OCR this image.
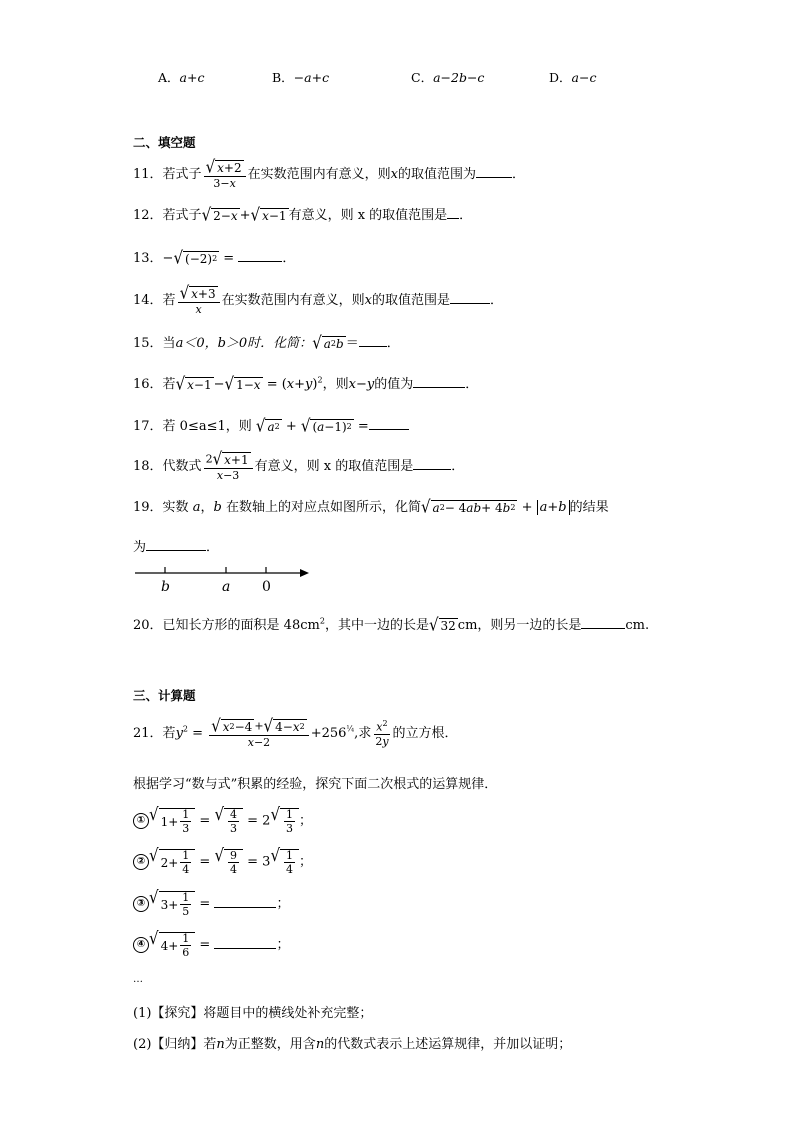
A．a+c	B．−a+c	C．a−2b−c	D．a−c
二、填空题
11．若式子 $\frac{√ x +2}{3-x}$ 在实数范围内有意义，则x的取值范围为	．
12．若式子 √ 2− x + √ x −1 有意义，则 x 的取值范围是 ．
13．− √ (−2) 2 =	．
14．若 $\frac{√ x +3}{x}$ 在实数范围内有意义，则x的取值范围是	．
15．当a＜0，b＞0时．化简： √ a 2 b ＝ ．
16．若 √ x −1 − √ $1- x = (x+y)^2$，则x−y的值为	．
17．若 0≤a≤1，则 √ a 2 + √ ( a −1) 2 =
18．代数式 $\frac{2 √ x +1}{x-3}$ 有意义，则 x 的取值范围是	．
19．实数 a，b 在数轴上的对应点如图所示，化简 √ a 2 − 4 ab + 4 b 2 + a+b 的结果
为	．
b	a 0
20．已知长方形的面积是 $48cm^2$，其中一边的长是 √ 32 cm，则另一边的长是	cm.
三、计算题
21．若$y^2 = \frac{√ x 2 -4 + √ 4- x 2}{x-2} +256^{\frac{1}{4}}$,求 $\frac{x^2}{2y}$ 的立方根．
根据学习“数与式”积累的经验，探究下面二次根式的运算规律．
① √ $1+ \frac{1}{3}$ = √ $\frac{4}{3} = 2$ √ $\frac{1}{3}$ ；
② √ $2+ \frac{1}{4}$ = √ $\frac{9}{4} = 3$ √ $\frac{1}{4}$ ；
③ √ $3+ \frac{1}{5}$ =	；
④ √ $4+ \frac{1}{6}$ =	；
…
(1)【探究】将题目中的横线处补充完整；
(2)【归纳】若n为正整数，用含n的代数式表示上述运算规律，并加以证明；
